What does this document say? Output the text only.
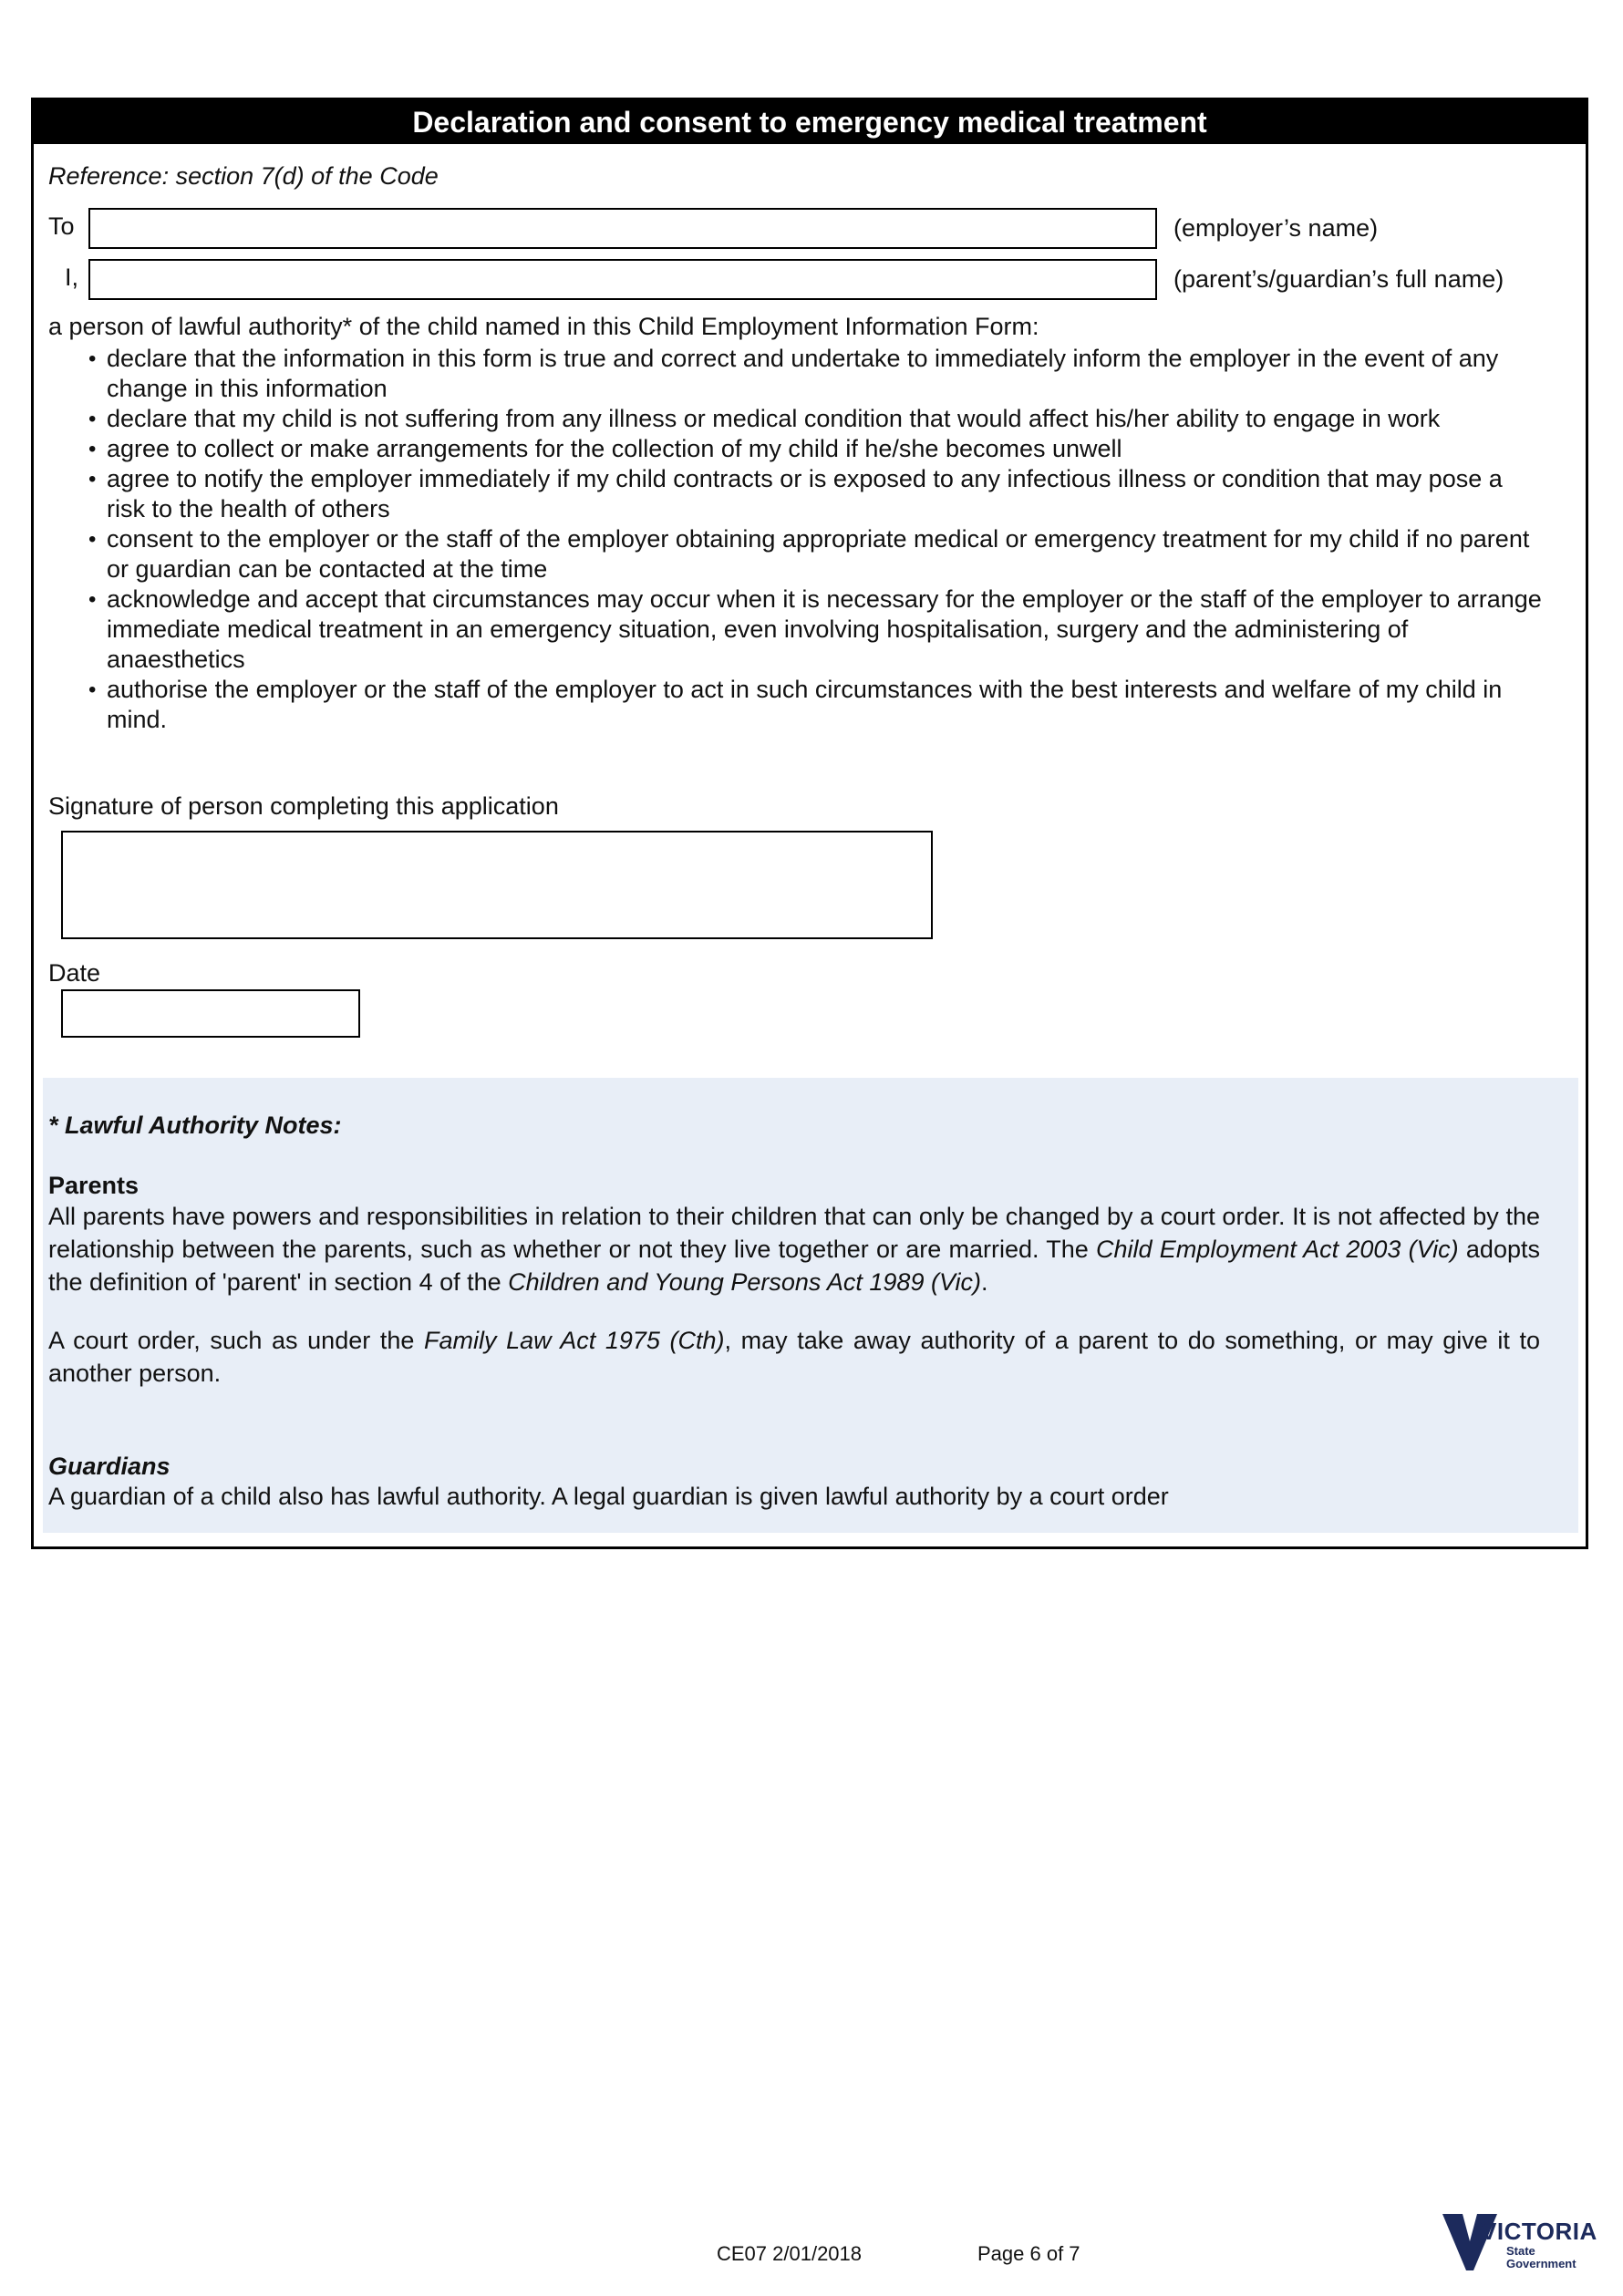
Declaration and consent to emergency medical treatment
Reference: section 7(d) of the Code
To	(employer’s name)
I,	(parent’s/guardian’s full name)
a person of lawful authority* of the child named in this Child Employment Information Form:
• declare that the information in this form is true and correct and undertake to immediately inform the employer in the event of any change in this information
• declare that my child is not suffering from any illness or medical condition that would affect his/her ability to engage in work
• agree to collect or make arrangements for the collection of my child if he/she becomes unwell
• agree to notify the employer immediately if my child contracts or is exposed to any infectious illness or condition that may pose a risk to the health of others
• consent to the employer or the staff of the employer obtaining appropriate medical or emergency treatment for my child if no parent or guardian can be contacted at the time
• acknowledge and accept that circumstances may occur when it is necessary for the employer or the staff of the employer to arrange immediate medical treatment in an emergency situation, even involving hospitalisation, surgery and the administering of anaesthetics
• authorise the employer or the staff of the employer to act in such circumstances with the best interests and welfare of my child in mind.
Signature of person completing this application
Date
* Lawful Authority Notes:
Parents
All parents have powers and responsibilities in relation to their children that can only be changed by a court order. It is not affected by the relationship between the parents, such as whether or not they live together or are married. The Child Employment Act 2003 (Vic) adopts the definition of 'parent' in section 4 of the Children and Young Persons Act 1989 (Vic).
A court order, such as under the Family Law Act 1975 (Cth), may take away authority of a parent to do something, or may give it to another person.
Guardians
A guardian of a child also has lawful authority. A legal guardian is given lawful authority by a court order
CE07 2/01/2018	Page 6 of 7
VICTORIA
State
Government
